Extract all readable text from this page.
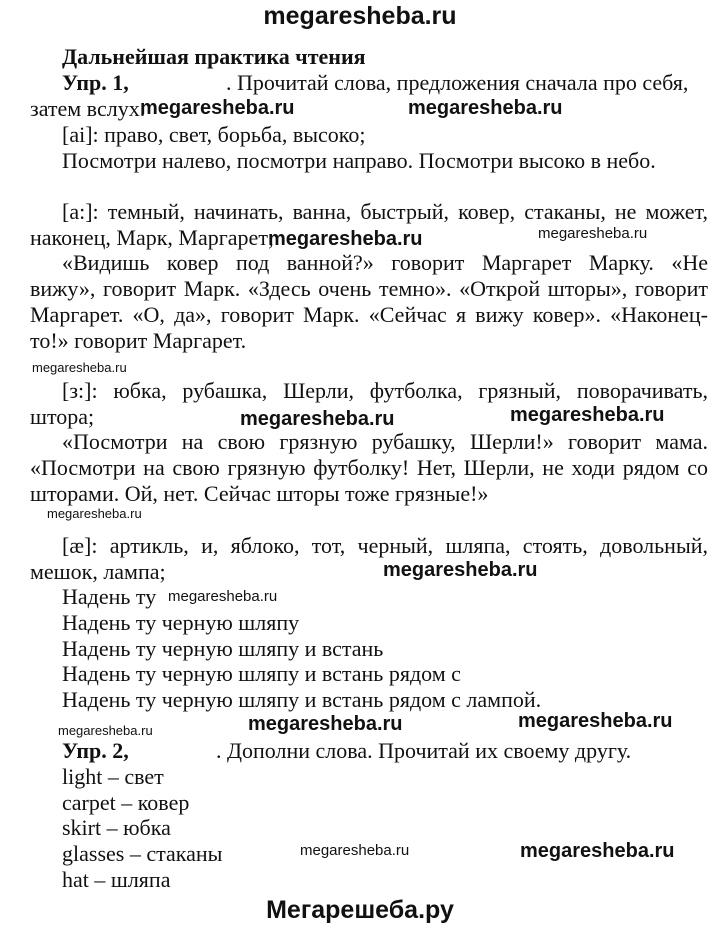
megaresheba.ru
Дальнейшая практика чтения
Упр. 1,	. Прочитай слова, предложения сначала про себя,
затем вслух.
megaresheba.ru	megaresheba.ru
[ai]: право, свет, борьба, высоко;
Посмотри налево, посмотри направо. Посмотри высоко в небо.
[a:]: темный, начинать, ванна, быстрый, ковер, стаканы, не может,
наконец, Марк, Маргарет;
megaresheba.ru	megaresheba.ru
«Видишь ковер под ванной?» говорит Маргарет Марку. «Не
вижу», говорит Марк. «Здесь очень темно». «Открой шторы», говорит
Маргарет. «О, да», говорит Марк. «Сейчас я вижу ковер». «Наконец-
то!» говорит Маргарет.
megaresheba.ru
[з:]: юбка, рубашка, Шерли, футболка, грязный, поворачивать,
штора;	megaresheba.ru	megaresheba.ru
«Посмотри на свою грязную рубашку, Шерли!» говорит мама.
«Посмотри на свою грязную футболку! Нет, Шерли, не ходи рядом со
шторами. Ой, нет. Сейчас шторы тоже грязные!»
megaresheba.ru
[æ]: артикль, и, яблоко, тот, черный, шляпа, стоять, довольный,
мешок, лампа;	megaresheba.ru
Надень ту megaresheba.ru
Надень ту черную шляпу
Надень ту черную шляпу и встань
Надень ту черную шляпу и встань рядом с
Надень ту черную шляпу и встань рядом с лампой.
megaresheba.ru	megaresheba.ru	megaresheba.ru
Упр. 2,	. Дополни слова. Прочитай их своему другу.
light – свет
carpet – ковер
skirt – юбка
glasses – стаканы	megaresheba.ru	megaresheba.ru
hat – шляпа
Мегарешеба.ру
